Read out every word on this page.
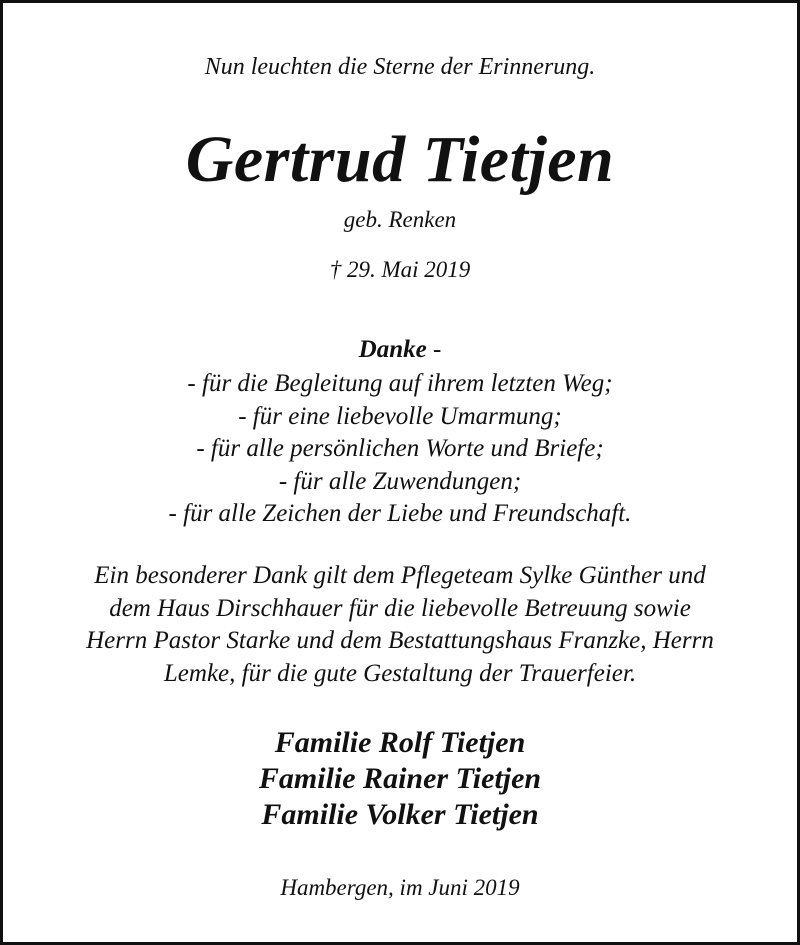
Nun leuchten die Sterne der Erinnerung.
Gertrud Tietjen
geb. Renken
† 29. Mai 2019
Danke -
- für die Begleitung auf ihrem letzten Weg;
- für eine liebevolle Umarmung;
- für alle persönlichen Worte und Briefe;
- für alle Zuwendungen;
- für alle Zeichen der Liebe und Freundschaft.
Ein besonderer Dank gilt dem Pflegeteam Sylke Günther und
dem Haus Dirschhauer für die liebevolle Betreuung sowie
Herrn Pastor Starke und dem Bestattungshaus Franzke, Herrn
Lemke, für die gute Gestaltung der Trauerfeier.
Familie Rolf Tietjen
Familie Rainer Tietjen
Familie Volker Tietjen
Hambergen, im Juni 2019
